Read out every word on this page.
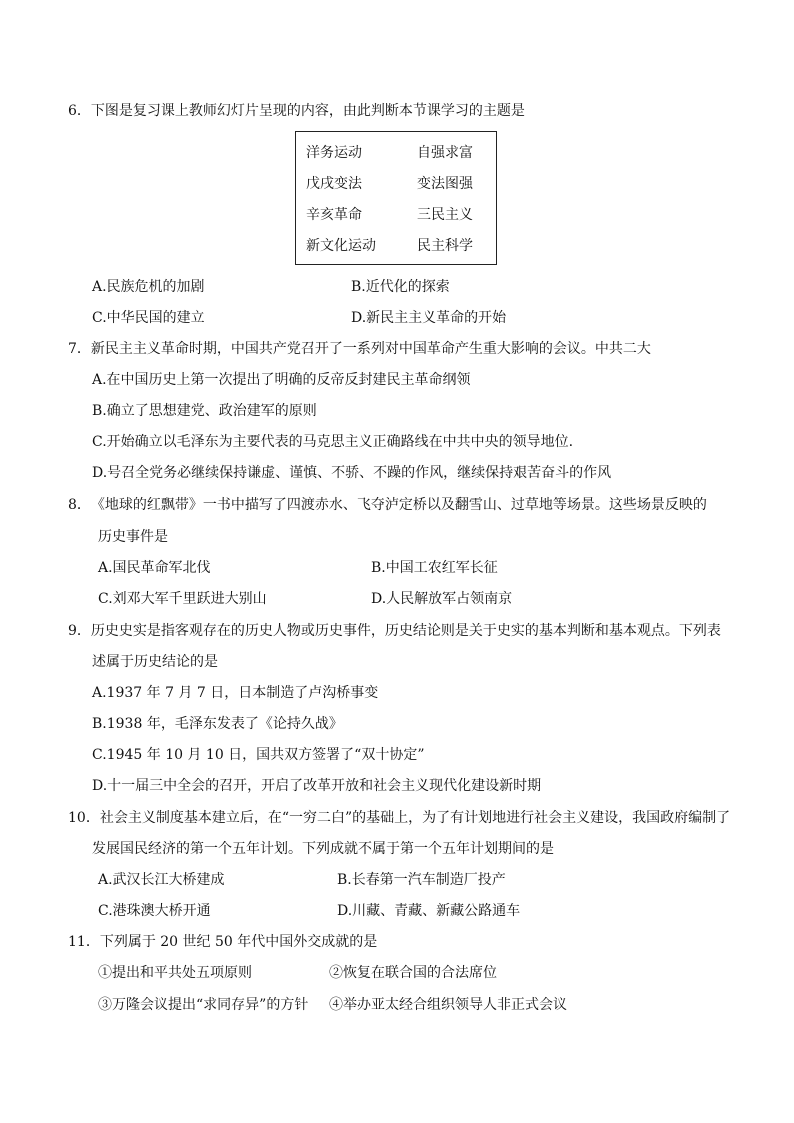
6．下图是复习课上教师幻灯片呈现的内容，由此判断本节课学习的主题是
洋务运动	自强求富
戊戌变法	变法图强
辛亥革命	三民主义
新文化运动	民主科学
A.民族危机的加剧	B.近代化的探索
C.中华民国的建立	D.新民主主义革命的开始
7．新民主主义革命时期，中国共产党召开了一系列对中国革命产生重大影响的会议。中共二大
A.在中国历史上第一次提出了明确的反帝反封建民主革命纲领
B.确立了思想建党、政治建军的原则
C.开始确立以毛泽东为主要代表的马克思主义正确路线在中共中央的领导地位.
D.号召全党务必继续保持谦虚、谨慎、不骄、不躁的作风，继续保持艰苦奋斗的作风
8．　《地球的红飘带》一书中描写了四渡赤水、飞夺泸定桥以及翻雪山、过草地等场景。这些场景反映的
历史事件是
A.国民革命军北伐	B.中国工农红军长征
C.刘邓大军千里跃进大别山	D.人民解放军占领南京
9．历史史实是指客观存在的历史人物或历史事件，历史结论则是关于史实的基本判断和基本观点。下列表
述属于历史结论的是
A.1937 年 7 月 7 日，日本制造了卢沟桥事变
B.1938 年，毛泽东发表了《论持久战》
C.1945 年 10 月 10 日，国共双方签署了“双十协定”
D.十一届三中全会的召开，开启了改革开放和社会主义现代化建设新时期
10．社会主义制度基本建立后，在“一穷二白”的基础上，为了有计划地进行社会主义建设，我国政府编制了
发展国民经济的第一个五年计划。下列成就不属于第一个五年计划期间的是
A.武汉长江大桥建成	B.长春第一汽车制造厂投产
C.港珠澳大桥开通	D.川藏、青藏、新藏公路通车
11．下列属于 20 世纪 50 年代中国外交成就的是
①提出和平共处五项原则	②恢复在联合国的合法席位
③万隆会议提出“求同存异”的方针 ④举办亚太经合组织领导人非正式会议
